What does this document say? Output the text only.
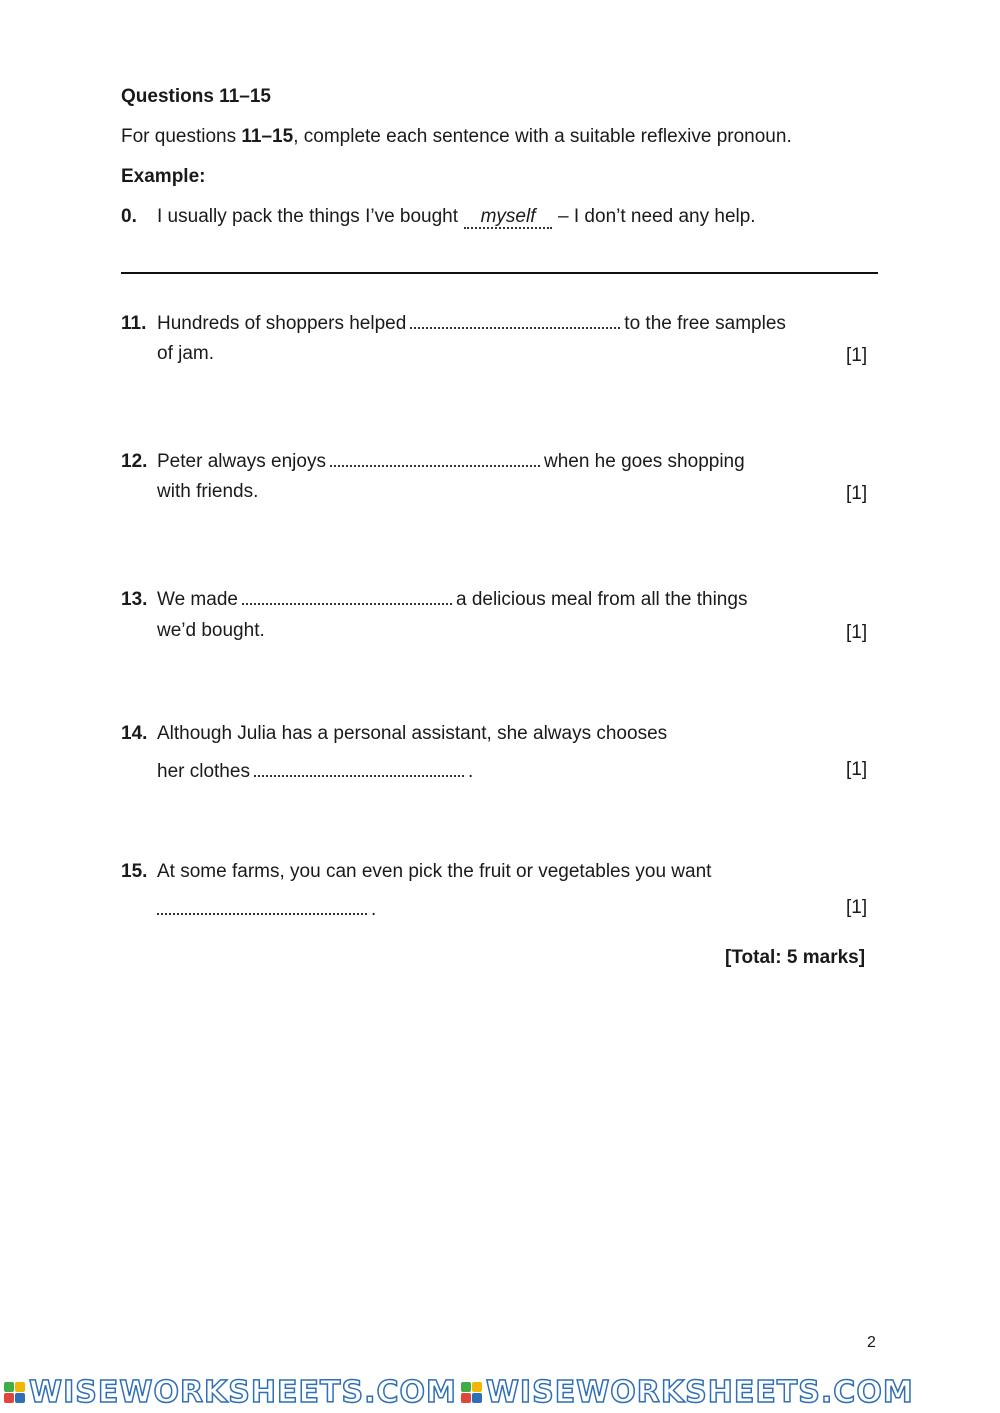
Questions 11–15
For questions 11–15, complete each sentence with a suitable reflexive pronoun.
Example:
0. I usually pack the things I’ve bought myself – I don’t need any help.
11. Hundreds of shoppers helped	to the free samples
of jam.	[1]
12. Peter always enjoys	when he goes shopping
with friends.	[1]
13. We made	a delicious meal from all the things
we’d bought.	[1]
14. Although Julia has a personal assistant, she always chooses
her clothes	.	[1]
15. At some farms, you can even pick the fruit or vegetables you want
.	[1]
[Total: 5 marks]
2
WISEWORKSHEETS.COM WISEWORKSHEETS.COM
